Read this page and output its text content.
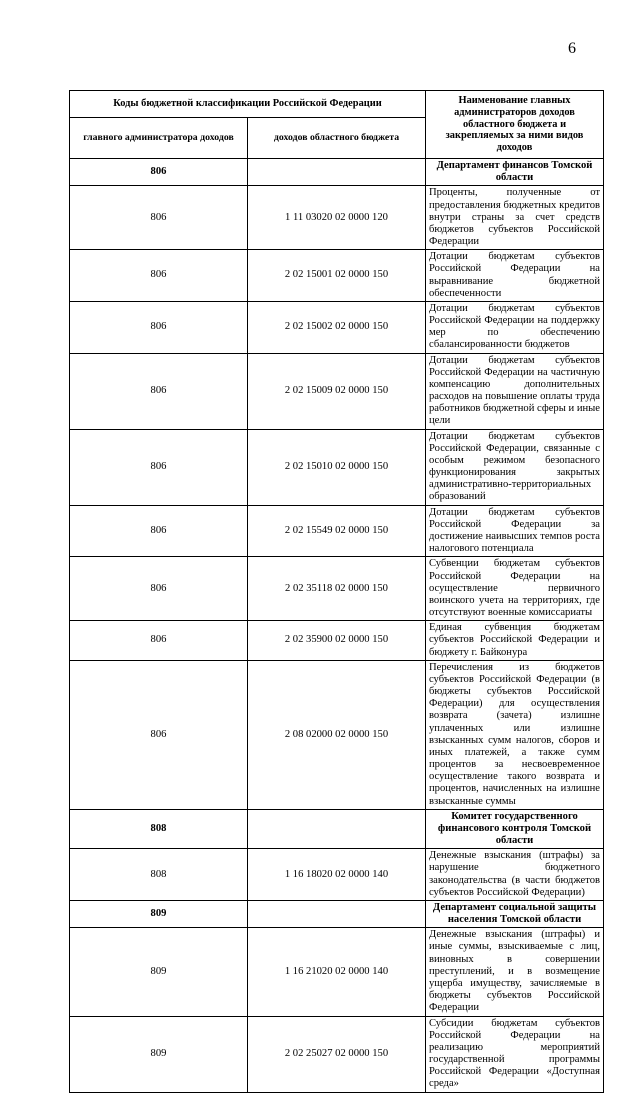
6
Коды бюджетной классификации Российской Федерации		Наименование главных администраторов доходов областного бюджета и закрепляемых за ними видов доходов
главного администратора доходов	доходов областного бюджета	
806		Департамент финансов Томской области
806	1 11 03020 02 0000 120	Проценты, полученные от предоставления бюджетных кредитов внутри страны за счет средств бюджетов субъектов Российской Федерации
806	2 02 15001 02 0000 150	Дотации бюджетам субъектов Российской Федерации на выравнивание бюджетной обеспеченности
806	2 02 15002 02 0000 150	Дотации бюджетам субъектов Российской Федерации на поддержку мер по обеспечению сбалансированности бюджетов
806	2 02 15009 02 0000 150	Дотации бюджетам субъектов Российской Федерации на частичную компенсацию дополнительных расходов на повышение оплаты труда работников бюджетной сферы и иные цели
806	2 02 15010 02 0000 150	Дотации бюджетам субъектов Российской Федерации, связанные с особым режимом безопасного функционирования закрытых административно-территориальных образований
806	2 02 15549 02 0000 150	Дотации бюджетам субъектов Российской Федерации за достижение наивысших темпов роста налогового потенциала
806	2 02 35118 02 0000 150	Субвенции бюджетам субъектов Российской Федерации на осуществление первичного воинского учета на территориях, где отсутствуют военные комиссариаты
806	2 02 35900 02 0000 150	Единая субвенция бюджетам субъектов Российской Федерации и бюджету г. Байконура
806	2 08 02000 02 0000 150	Перечисления из бюджетов субъектов Российской Федерации (в бюджеты субъектов Российской Федерации) для осуществления возврата (зачета) излишне уплаченных или излишне взысканных сумм налогов, сборов и иных платежей, а также сумм процентов за несвоевременное осуществление такого возврата и процентов, начисленных на излишне взысканные суммы
808		Комитет государственного финансового контроля Томской области
808	1 16 18020 02 0000 140	Денежные взыскания (штрафы) за нарушение бюджетного законодательства (в части бюджетов субъектов Российской Федерации)
809		Департамент социальной защиты населения Томской области
809	1 16 21020 02 0000 140	Денежные взыскания (штрафы) и иные суммы, взыскиваемые с лиц, виновных в совершении преступлений, и в возмещение ущерба имуществу, зачисляемые в бюджеты субъектов Российской Федерации
809	2 02 25027 02 0000 150	Субсидии бюджетам субъектов Российской Федерации на реализацию мероприятий государственной программы Российской Федерации «Доступная среда»
